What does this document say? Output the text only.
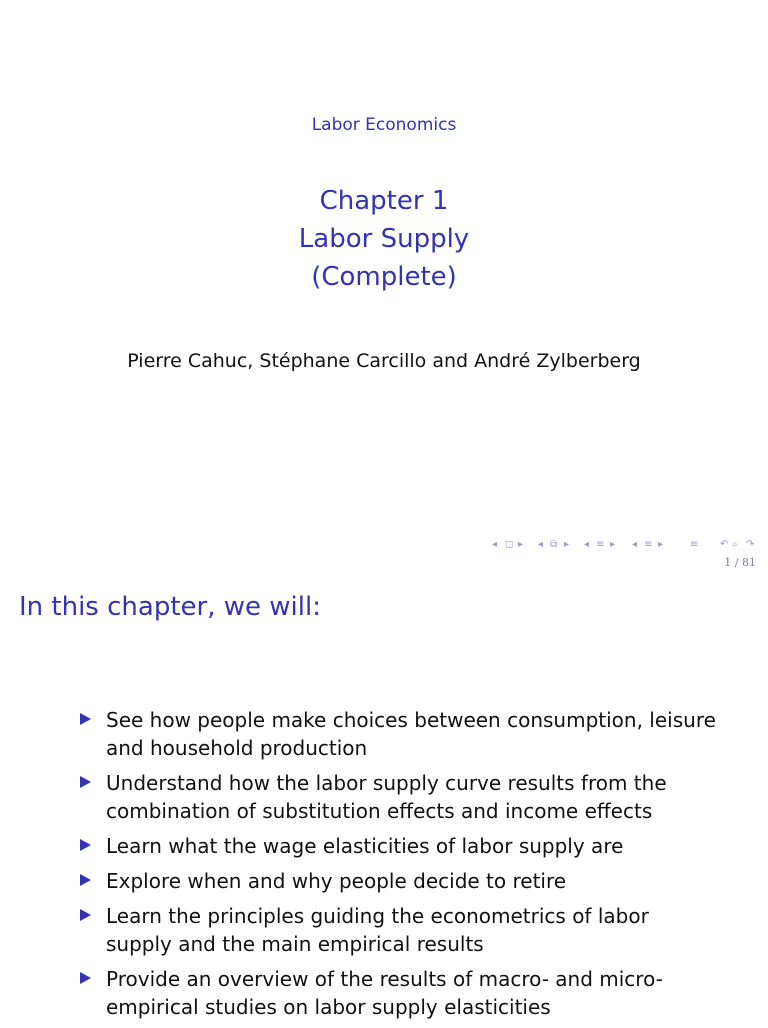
Labor Economics
Chapter 1
Labor Supply
(Complete)
Pierre Cahuc, Stéphane Carcillo and André Zylberberg
◂ ◻ ▸ ◂ ⧉ ▸ ◂ ≡ ▸ ◂ ≡ ▸	≡ ↶ ⌕ ↷
1 / 81
In this chapter, we will:
See how people make choices between consumption, leisure and household production
Understand how the labor supply curve results from the combination of substitution effects and income effects
Learn what the wage elasticities of labor supply are
Explore when and why people decide to retire
Learn the principles guiding the econometrics of labor supply and the main empirical results
Provide an overview of the results of macro- and micro-empirical studies on labor supply elasticities
